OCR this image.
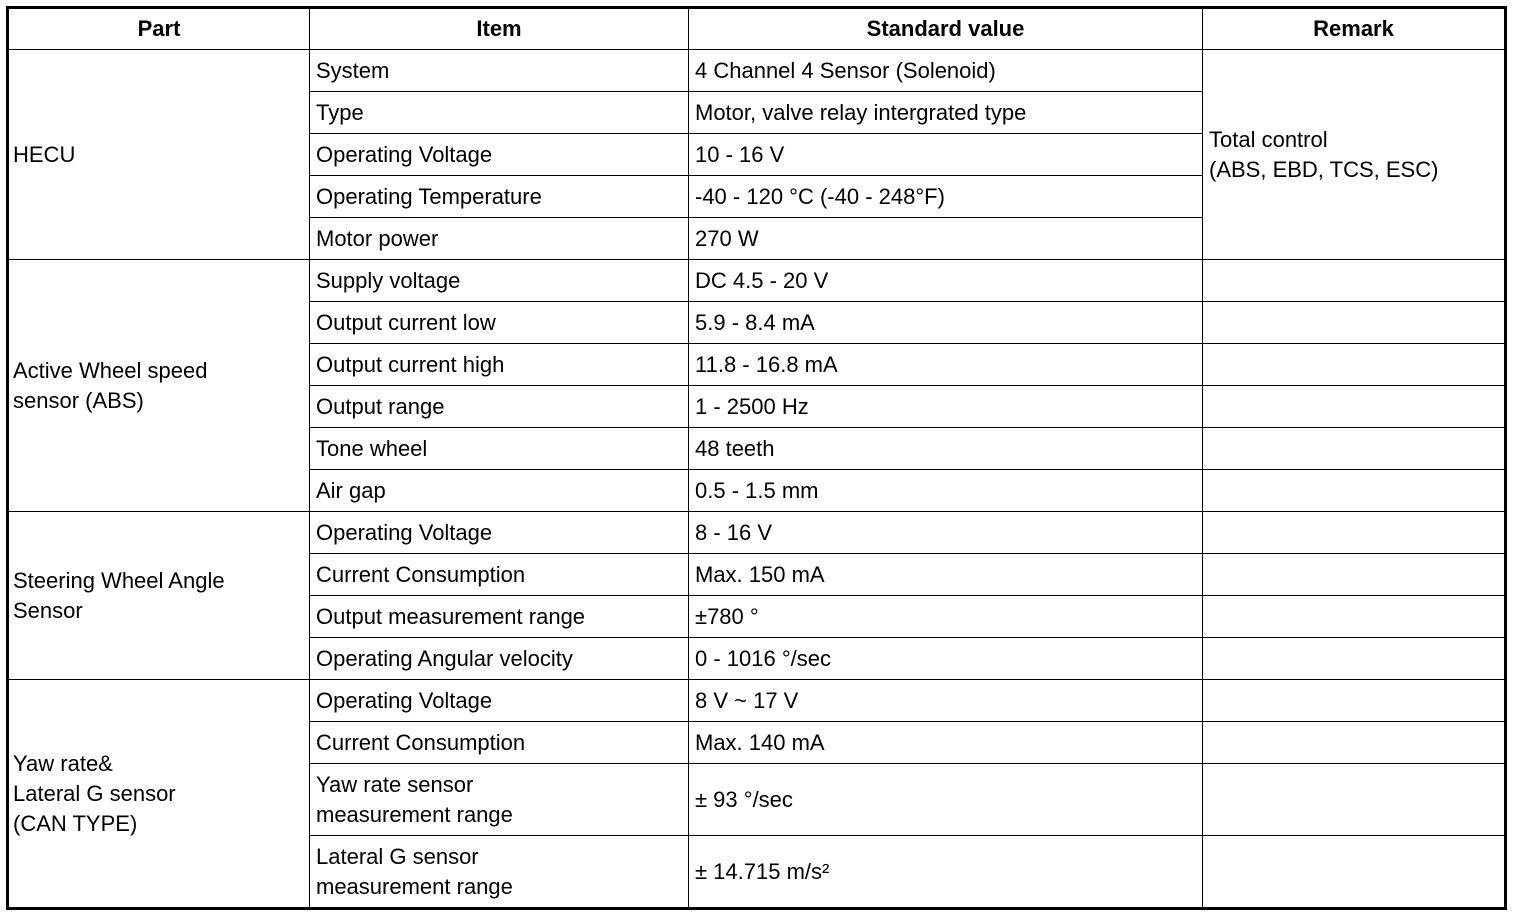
Part	Item	Standard value	Remark
HECU	System	4 Channel 4 Sensor (Solenoid)	Total control
(ABS, EBD, TCS, ESC)
	Type	Motor, valve relay intergrated type	
	Operating Voltage	10 - 16 V	
	Operating Temperature	-40 - 120 °C (-40 - 248°F)	
	Motor power	270 W	
Active Wheel speed
sensor (ABS)	Supply voltage	DC 4.5 - 20 V	
	Output current low	5.9 - 8.4 mA	
	Output current high	11.8 - 16.8 mA	
	Output range	1 - 2500 Hz	
	Tone wheel	48 teeth	
	Air gap	0.5 - 1.5 mm	
Steering Wheel Angle
Sensor	Operating Voltage	8 - 16 V	
	Current Consumption	Max. 150 mA	
	Output measurement range	±780 °	
	Operating Angular velocity	0 - 1016 °/sec	
Yaw rate&
Lateral G sensor
(CAN TYPE)	Operating Voltage	8 V ~ 17 V	
	Current Consumption	Max. 140 mA	
	Yaw rate sensor
measurement range	± 93 °/sec	
	Lateral G sensor
measurement range	± 14.715 m/s²	
